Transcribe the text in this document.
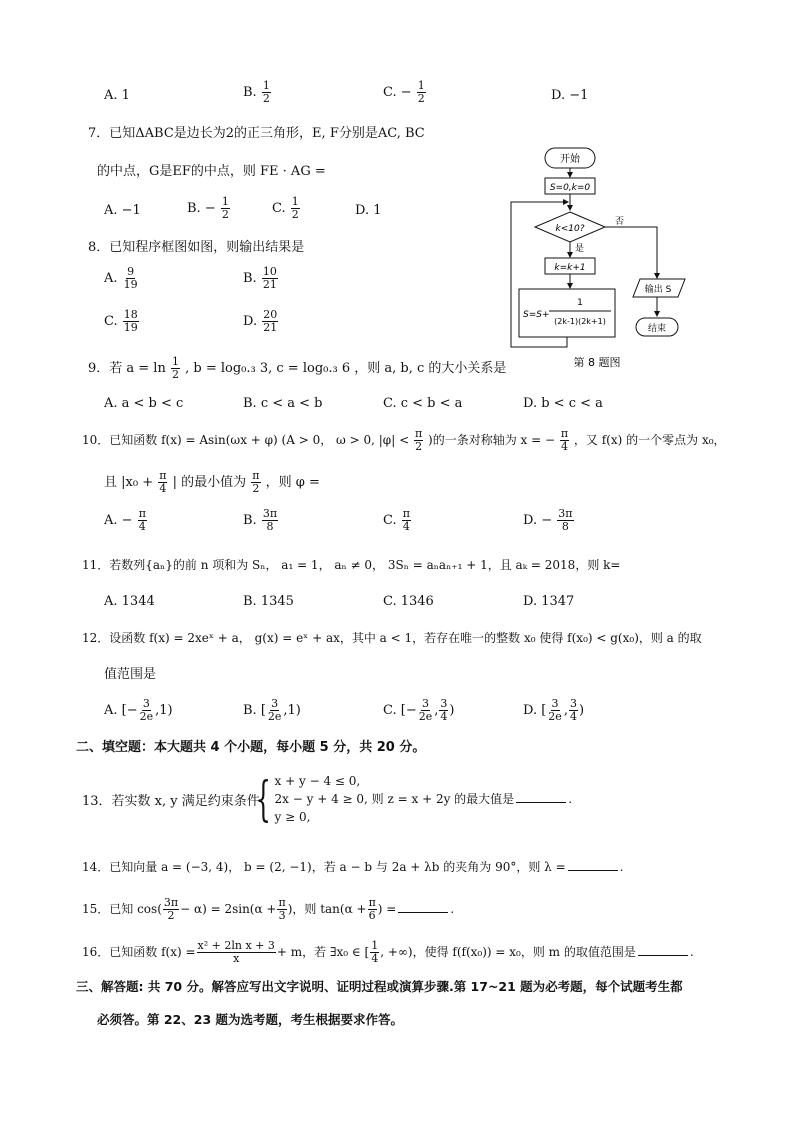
A. 1	B. $\frac{1}{2}$	C. − $\frac{1}{2}$	D. −1
7．已知ΔABC是边长为2的正三角形，E, F分别是AC, BC
的中点，G是EF的中点，则 FE · AG =
A. −1	B. − $\frac{1}{2}$	C. $\frac{1}{2}$	D. 1
8．已知程序框图如图，则输出结果是
A. $\frac{9}{19}$	B. $\frac{10}{21}$
C. $\frac{18}{19}$	D. $\frac{20}{21}$
开始
S=0,k=0
k<10?
否
是
k=k+1
S=S+
1
(2k-1)(2k+1)
输出 S
结束
第 8 题图
9．若 $a = \ln \frac{1}{2}$ , b = log₀.₃ 3, c = log₀.₃ 6 ，则 a, b, c 的大小关系是
A. a < b < c	B. c < a < b	C. c < b < a	D. b < c < a
10．已知函数 f(x) = Asin(ωx + φ) (A > 0， ω > 0, $|\varphi| < \frac{\pi}{2}$ )的一条对称轴为 x = − $\frac{\pi}{4}$ ，又 f(x) 的一个零点为 x₀，
且 $|x_0 + \frac{\pi}{4}$ | 的最小值为 $\frac{\pi}{2}$ ，则 φ =
A. − $\frac{\pi}{4}$	B. $\frac{3\pi}{8}$	C. $\frac{\pi}{4}$	D. − $\frac{3\pi}{8}$
11．若数列{aₙ}的前 n 项和为 Sₙ， a₁ = 1， aₙ ≠ 0， 3Sₙ = aₙaₙ₊₁ + 1，且 aₖ = 2018，则 k=
A. 1344	B. 1345	C. 1346	D. 1347
12．设函数 f(x) = 2xeˣ + a， g(x) = eˣ + ax，其中 a < 1，若存在唯一的整数 x₀ 使得 f(x₀) < g(x₀)，则 a 的取
值范围是
A. [− $\frac{3}{2e} ,1$)	B. [ $\frac{3}{2e} ,1$)	C. [− $\frac{3}{2e}$ , $\frac{3}{4}$ )	D. [ $\frac{3}{2e}$ , $\frac{3}{4}$ )
二、填空题：本大题共 4 个小题，每小题 5 分，共 20 分。
13．若实数 x, y 满足约束条件
{ x + y − 4 ≤ 0,
2x − y + 4 ≥ 0, 则 z = x + 2y 的最大值是	.
y ≥ 0,
14．已知向量 a = (−3, 4)， b = (2, −1)，若 a − b 与 2a + λb 的夹角为 90°，则 λ =	.
15．已知 $\cos( \frac{3\pi}{2} - \alpha) = 2\sin(\alpha + \frac{\pi}{3}$ )，则 $\tan(\alpha + \frac{\pi}{6}$ ) =	.
16．已知函数 $f(x) = \frac{\text{x² + 2ln x + 3}}{x} + m$，若 ∃x₀ ∈ [ $\frac{1}{4}$ , +∞)，使得 f(f(x₀)) = x₀，则 m 的取值范围是	.
三、解答题: 共 70 分。解答应写出文字说明、证明过程或演算步骤.第 17~21 题为必考题，每个试题考生都
必须答。第 22、23 题为选考题，考生根据要求作答。
